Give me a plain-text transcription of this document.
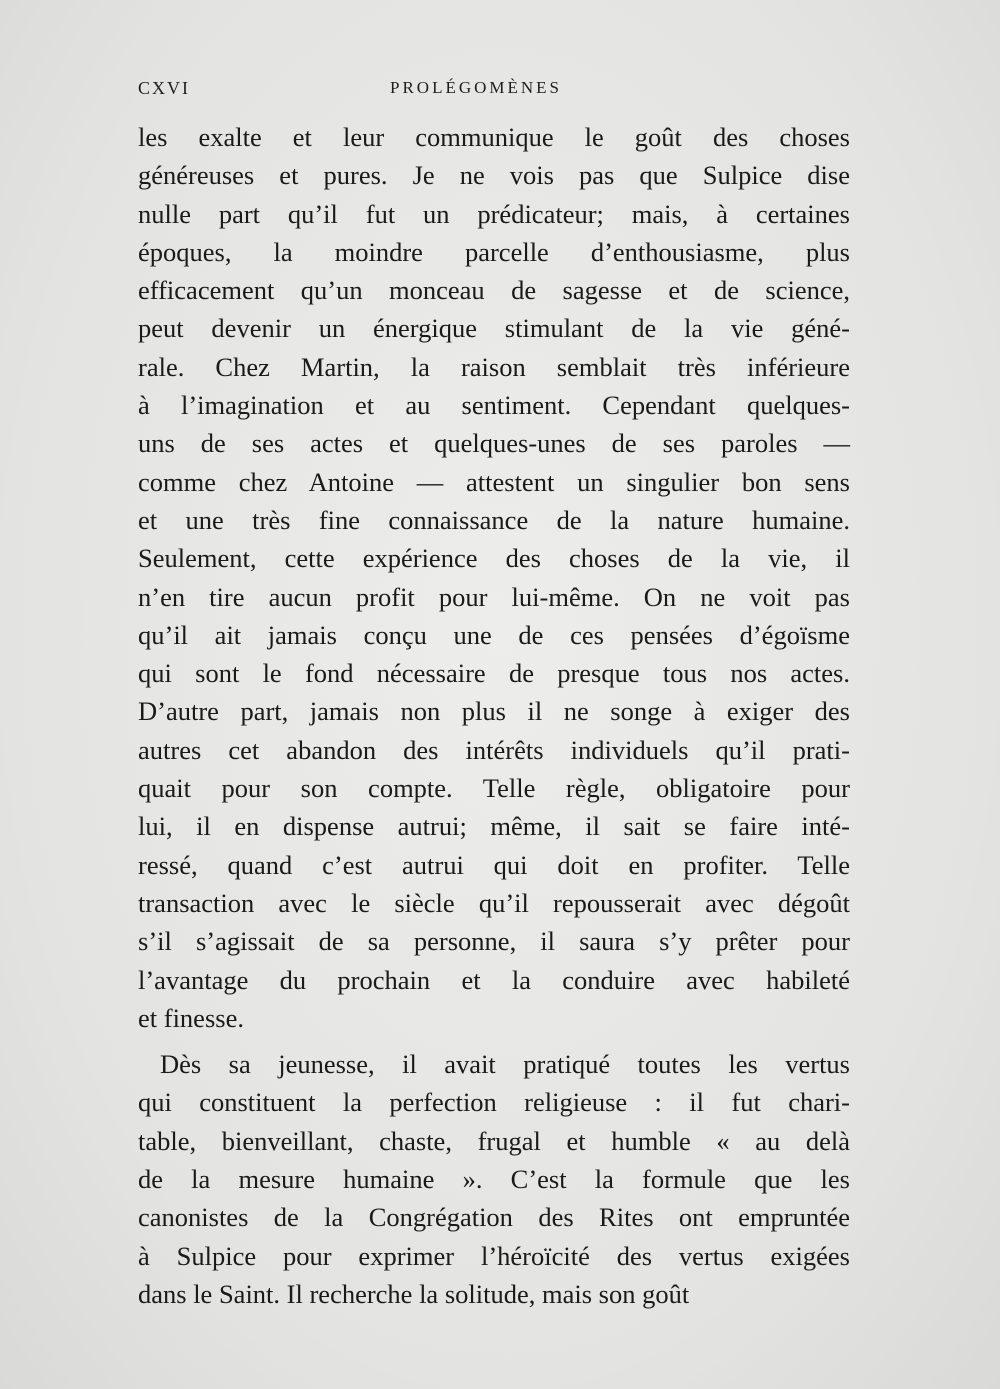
CXVI	PROLÉGOMÈNES
les exalte et leur communique le goût des choses
généreuses et pures. Je ne vois pas que Sulpice dise
nulle part qu’il fut un prédicateur; mais, à certaines
époques, la moindre parcelle d’enthousiasme, plus
efficacement qu’un monceau de sagesse et de science,
peut devenir un énergique stimulant de la vie géné-
rale. Chez Martin, la raison semblait très inférieure
à l’imagination et au sentiment. Cependant quelques-
uns de ses actes et quelques-unes de ses paroles —
comme chez Antoine — attestent un singulier bon sens
et une très fine connaissance de la nature humaine.
Seulement, cette expérience des choses de la vie, il
n’en tire aucun profit pour lui-même. On ne voit pas
qu’il ait jamais conçu une de ces pensées d’égoïsme
qui sont le fond nécessaire de presque tous nos actes.
D’autre part, jamais non plus il ne songe à exiger des
autres cet abandon des intérêts individuels qu’il prati-
quait pour son compte. Telle règle, obligatoire pour
lui, il en dispense autrui; même, il sait se faire inté-
ressé, quand c’est autrui qui doit en profiter. Telle
transaction avec le siècle qu’il repousserait avec dégoût
s’il s’agissait de sa personne, il saura s’y prêter pour
l’avantage du prochain et la conduire avec habileté
et finesse.
Dès sa jeunesse, il avait pratiqué toutes les vertus
qui constituent la perfection religieuse : il fut chari-
table, bienveillant, chaste, frugal et humble « au delà
de la mesure humaine ». C’est la formule que les
canonistes de la Congrégation des Rites ont empruntée
à Sulpice pour exprimer l’héroïcité des vertus exigées
dans le Saint. Il recherche la solitude, mais son goût
